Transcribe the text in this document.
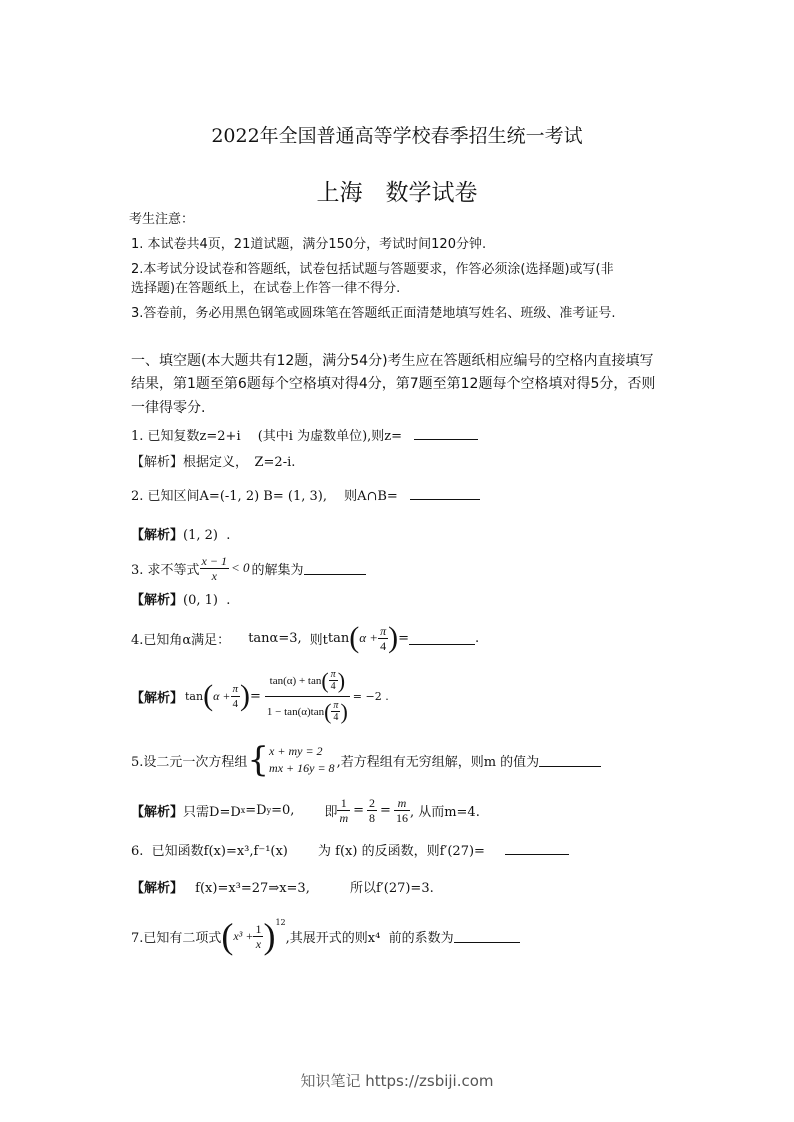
2022年全国普通高等学校春季招生统一考试
上海　数学试卷
考生注意：
1. 本试卷共4页，21道试题，满分150分，考试时间120分钟.
2.本考试分设试卷和答题纸，试卷包括试题与答题要求，作答必须涂(选择题)或写(非
选择题)在答题纸上，在试卷上作答一律不得分.
3.答卷前，务必用黑色钢笔或圆珠笔在答题纸正面清楚地填写姓名、班级、准考证号.
一、填空题(本大题共有12题，满分54分)考生应在答题纸相应编号的空格内直接填写
结果，第1题至第6题每个空格填对得4分，第7题至第12题每个空格填对得5分，否则
一律得零分.
1. 已知复数z=2+i　 (其中i 为虚数单位),则z=
【解析】根据定义，　Z=2-i.
2. 已知区间A=(-1, 2) B= (1, 3),　 则A∩B=
【解析】(1, 2)  .
3. 求不等式 $\frac{x - 1}{x} < 0$ 的解集为
【解析】(0, 1)  .
4.已知角α满足： tanα=3, 则t tan ( $\alpha + \frac{\pi}{4}$ ) =	.
【解析】 tan ( $\alpha + \frac{\pi}{4}$ ) =
tan(α) + tan ( $\frac{\pi}{4}$ )
1 − tan(α)tan ( $\frac{\pi}{4}$ )
= −2 .
5.设二元一次方程组 { x + my = 2
mx + 16y = 8 ,若方程组有无穷组解，则m 的值为
【解析】 只需D=D x =D y =0, 即 $\frac{1}{m} = \frac{2}{8} = \frac{m}{16}$ , 从而m=4.
6.  已知函数f(x)=x³,f⁻¹(x) 为 f(x) 的反函数，则f′(27)=
【解析】 f(x)=x³=27⇒x=3,	所以f′(27)=3.
7.已知有二项式 ( $x^3 + \frac{1}{x} )^{12}$
,其展开式的则x⁴  前的系数为
知识笔记 https://zsbiji.com
